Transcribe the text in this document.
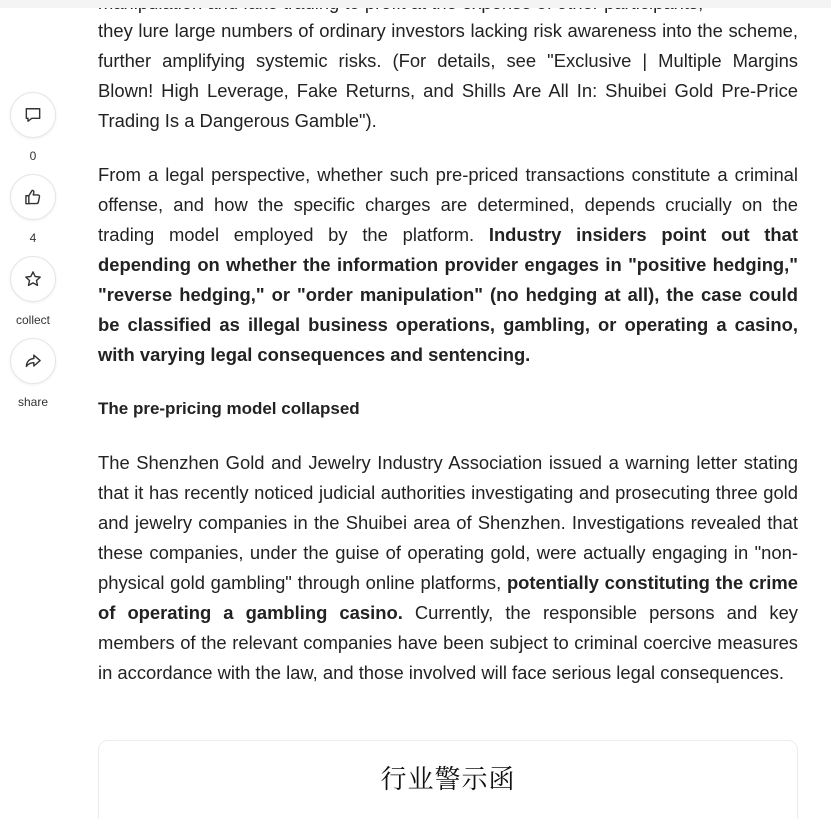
0
4
collect
share

they lure large numbers of ordinary investors lacking risk awareness into the scheme, further amplifying systemic risks. (For details, see "Exclusive | Multiple Margins Blown! High Leverage, Fake Returns, and Shills Are All In: Shuibei Gold Pre-Price Trading Is a Dangerous Gamble").

From a legal perspective, whether such pre-priced transactions constitute a criminal offense, and how the specific charges are determined, depends crucially on the trading model employed by the platform. Industry insiders point out that depending on whether the information provider engages in "positive hedging," "reverse hedging," or "order manipulation" (no hedging at all), the case could be classified as illegal business operations, gambling, or operating a casino, with varying legal consequences and sentencing.

The pre-pricing model collapsed

The Shenzhen Gold and Jewelry Industry Association issued a warning letter stating that it has recently noticed judicial authorities investigating and prosecuting three gold and jewelry companies in the Shuibei area of Shenzhen. Investigations revealed that these companies, under the guise of operating gold, were actually engaging in "non-physical gold gambling" through online platforms, potentially constituting the crime of operating a gambling casino. Currently, the responsible persons and key members of the relevant companies have been subject to criminal coercive measures in accordance with the law, and those involved will face serious legal consequences.

行业警示函
